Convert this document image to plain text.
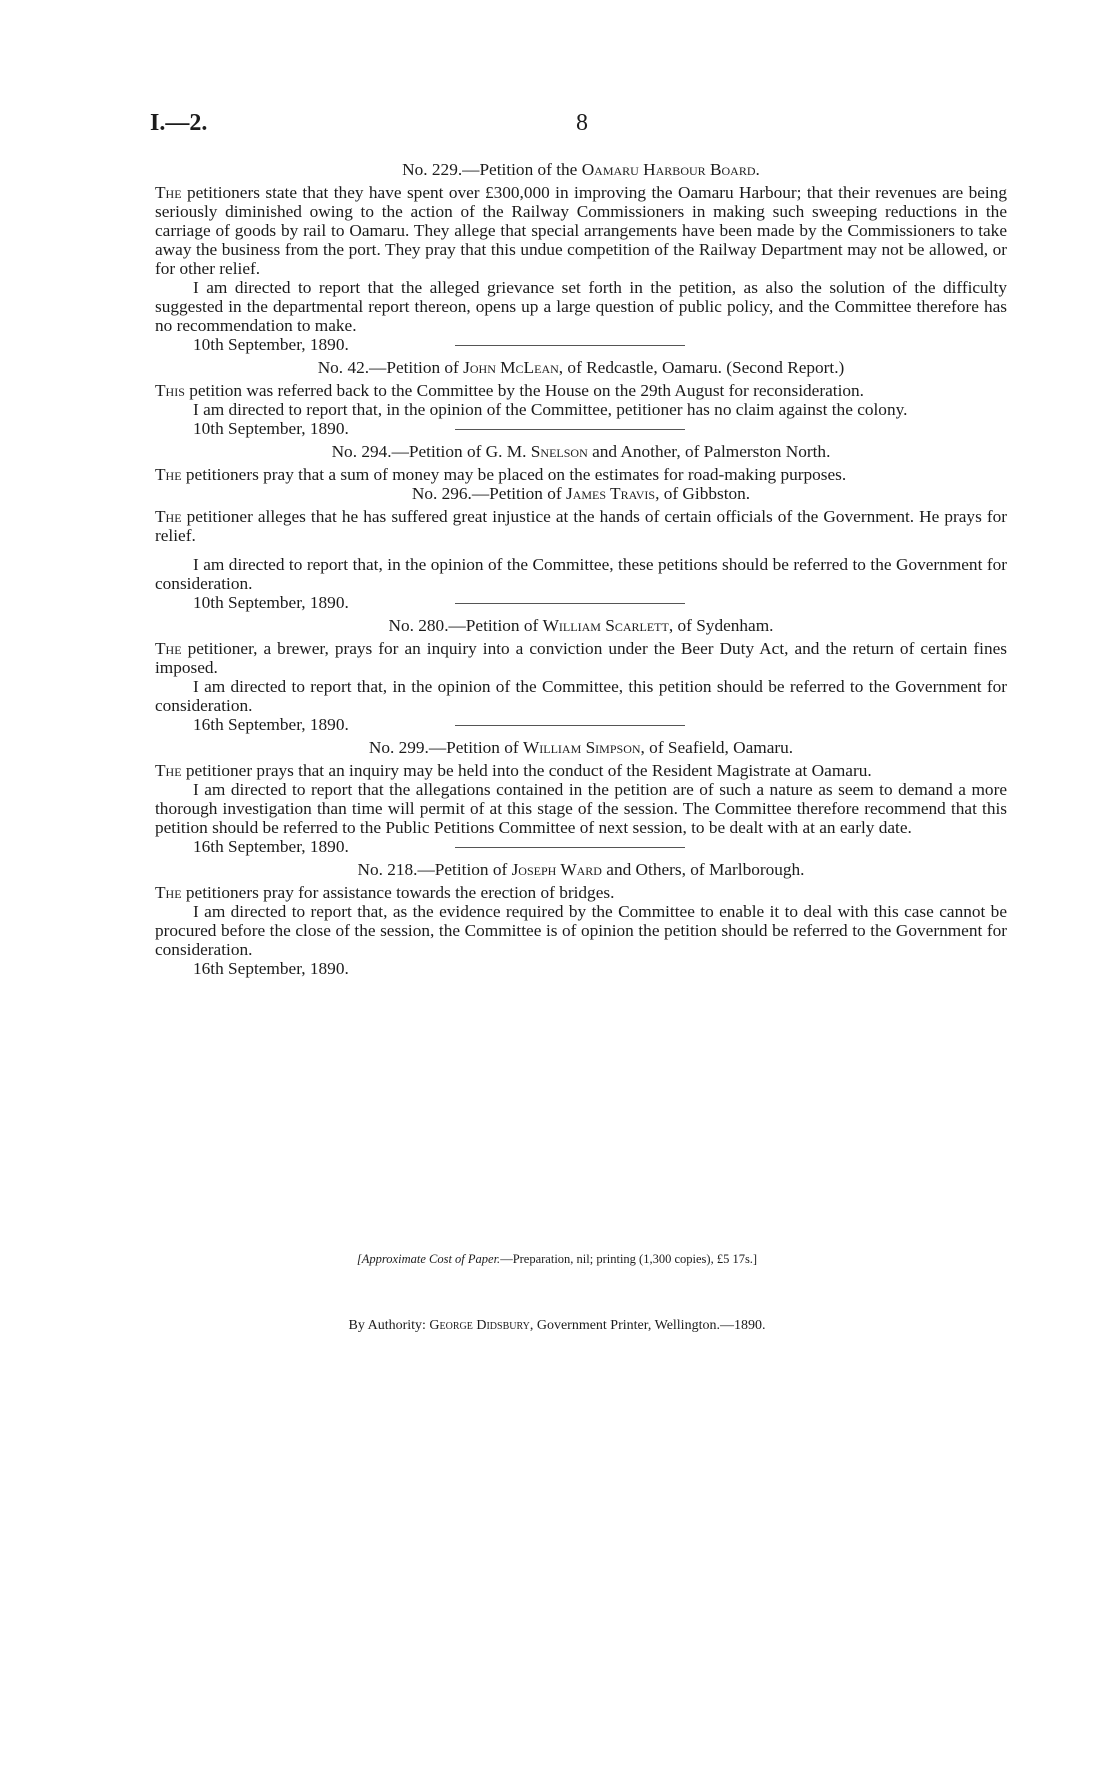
I.—2.	8
No. 229.—Petition of the Oamaru Harbour Board.

The petitioners state that they have spent over £300,000 in improving the Oamaru Harbour; that their revenues are being seriously diminished owing to the action of the Railway Commissioners in making such sweeping reductions in the carriage of goods by rail to Oamaru. They allege that special arrangements have been made by the Commissioners to take away the business from the port. They pray that this undue competition of the Railway Department may not be allowed, or for other relief.

I am directed to report that the alleged grievance set forth in the petition, as also the solution of the difficulty suggested in the departmental report thereon, opens up a large question of public policy, and the Committee therefore has no recommendation to make.

10th September, 1890.

No. 42.—Petition of John McLean, of Redcastle, Oamaru. (Second Report.)

This petition was referred back to the Committee by the House on the 29th August for reconsideration.

I am directed to report that, in the opinion of the Committee, petitioner has no claim against the colony.

10th September, 1890.

No. 294.—Petition of G. M. Snelson and Another, of Palmerston North.

The petitioners pray that a sum of money may be placed on the estimates for road-making purposes.

No. 296.—Petition of James Travis, of Gibbston.

The petitioner alleges that he has suffered great injustice at the hands of certain officials of the Government. He prays for relief.

I am directed to report that, in the opinion of the Committee, these petitions should be referred to the Government for consideration.

10th September, 1890.

No. 280.—Petition of William Scarlett, of Sydenham.

The petitioner, a brewer, prays for an inquiry into a conviction under the Beer Duty Act, and the return of certain fines imposed.

I am directed to report that, in the opinion of the Committee, this petition should be referred to the Government for consideration.

16th September, 1890.

No. 299.—Petition of William Simpson, of Seafield, Oamaru.

The petitioner prays that an inquiry may be held into the conduct of the Resident Magistrate at Oamaru.

I am directed to report that the allegations contained in the petition are of such a nature as seem to demand a more thorough investigation than time will permit of at this stage of the session. The Committee therefore recommend that this petition should be referred to the Public Petitions Committee of next session, to be dealt with at an early date.

16th September, 1890.

No. 218.—Petition of Joseph Ward and Others, of Marlborough.

The petitioners pray for assistance towards the erection of bridges.

I am directed to report that, as the evidence required by the Committee to enable it to deal with this case cannot be procured before the close of the session, the Committee is of opinion the petition should be referred to the Government for consideration.

16th September, 1890.

[Approximate Cost of Paper.—Preparation, nil; printing (1,300 copies), £5 17s.]
By Authority: George Didsbury, Government Printer, Wellington.—1890.
